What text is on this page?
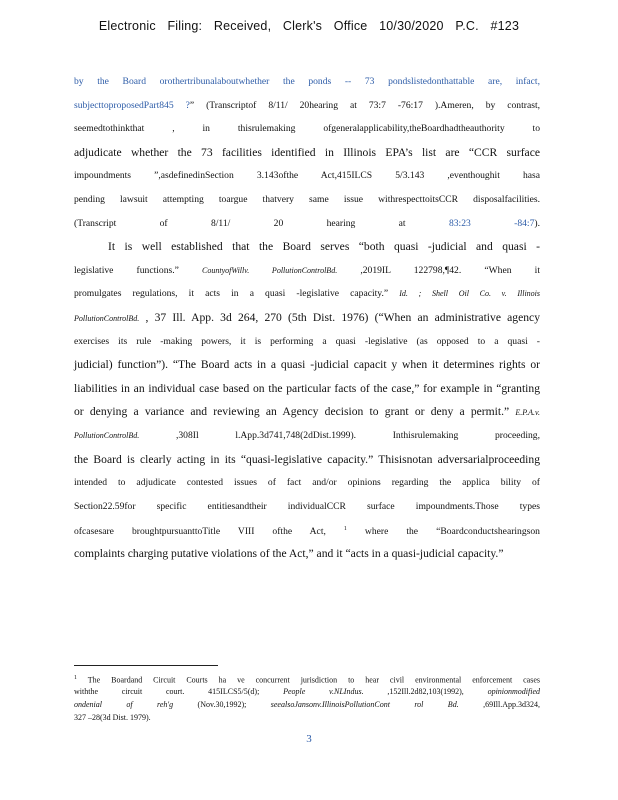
Electronic Filing: Received, Clerk's Office 10/30/2020 P.C. #123
by the Board orothertribunalaboutwhether the ponds -- 73 pondslistedonthattable are, infact,
subjecttoproposedPart845 ?” (Transcriptof 8/11/ 20hearing at 73:7 -76:17 ).Ameren, by contrast,
seemedtothinkthat , in thisrulemaking ofgeneralapplicability,theBoardhadtheauthority to
adjudicate whether the 73 facilities identified in Illinois EPA’s list are “CCR surface
impoundments ”,asdefinedinSection 3.143ofthe Act,415ILCS 5/3.143 ,eventhoughit hasa
pending lawsuit attempting toargue thatvery same issue withrespecttoitsCCR disposalfacilities.
(Transcript of 8/11/ 20 hearing at 83:23 -84:7).
It is well established that the Board serves “both quasi -judicial and quasi -
legislative functions.” CountyofWillv. PollutionControlBd. ,2019IL 122798,¶42. “When it
promulgates regulations, it acts in a quasi -legislative capacity.” Id. ; Shell Oil Co. v. Illinois
PollutionControlBd. , 37 Ill. App. 3d 264, 270 (5th Dist. 1976) (“When an administrative agency
exercises its rule -making powers, it is performing a quasi -legislative (as opposed to a quasi -
judicial) function”). “The Board acts in a quasi -judicial capacit y when it determines rights or
liabilities in an individual case based on the particular facts of the case,” for example in “granting
or denying a variance and reviewing an Agency decision to grant or deny a permit.” E.P.A.v.
PollutionControlBd. ,308Il l.App.3d741,748(2dDist.1999). Inthisrulemaking proceeding,
the Board is clearly acting in its “quasi-legislative capacity.” Thisisnotan adversarialproceeding
intended to adjudicate contested issues of fact and/or opinions regarding the applica bility of
Section22.59for specific entitiesandtheir individualCCR surface impoundments.Those types
ofcasesare broughtpursuanttoTitle VIII ofthe Act, $^1$ where the “Boardconductshearingson
complaints charging putative violations of the Act,” and it “acts in a quasi-judicial capacity.”
$^1$ The Boardand Circuit Courts ha ve concurrent jurisdiction to hear civil environmental enforcement cases
withthe circuit court. 415ILCS5/5(d); People v.NLIndus. ,152Ill.2d82,103(1992), opinionmodified
ondenial of reh'g (Nov.30,1992); seealsoJansonv.IllinoisPollutionCont rol Bd. ,69Ill.App.3d324,
327 –28(3d Dist. 1979).
3
